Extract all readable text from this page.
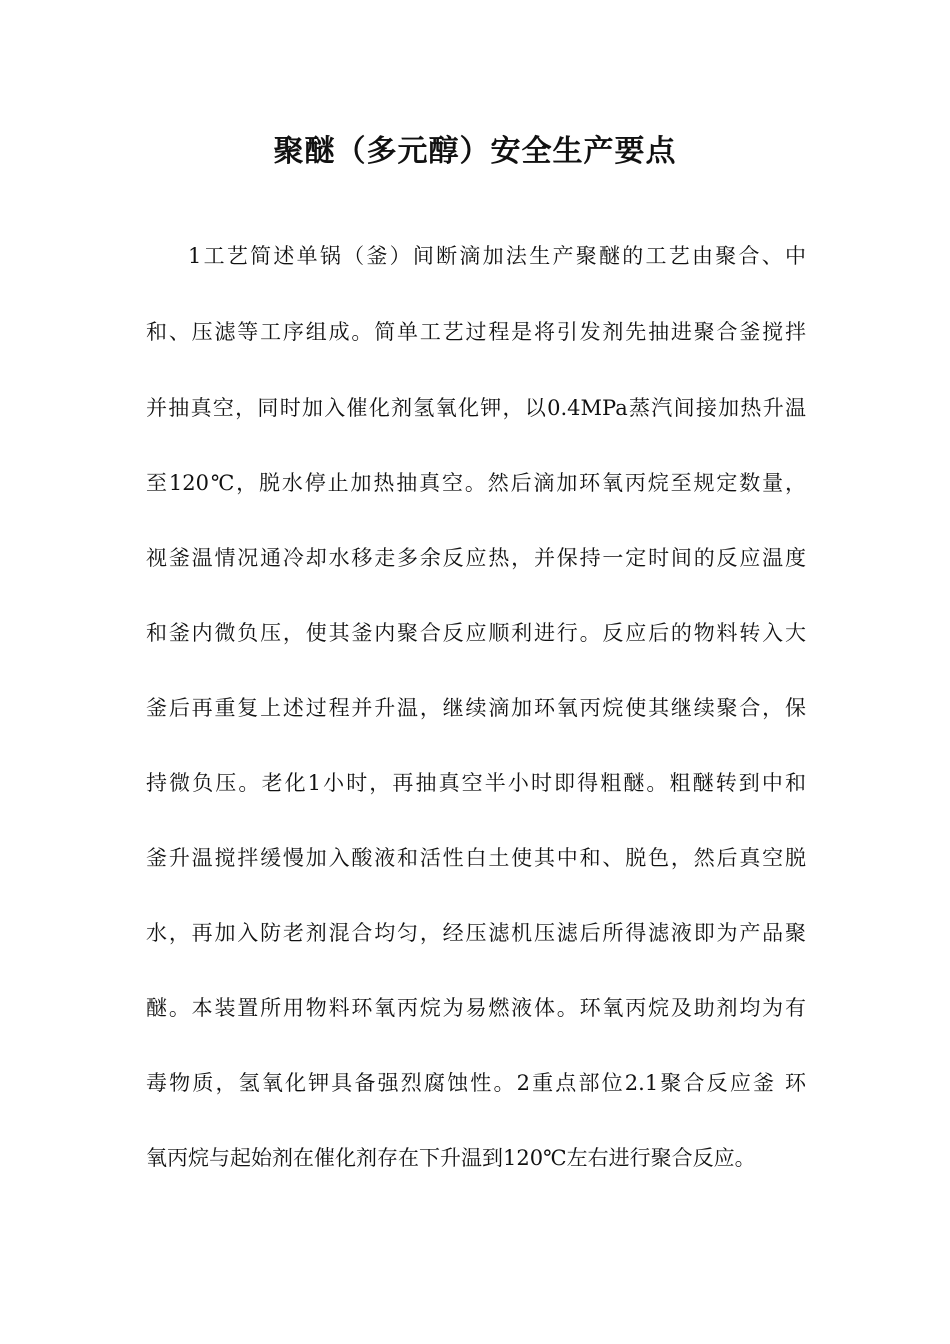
聚醚（多元醇）安全生产要点
1工艺简述单锅（釜）间断滴加法生产聚醚的工艺由聚合、中
和、压滤等工序组成。简单工艺过程是将引发剂先抽进聚合釜搅拌
并抽真空，同时加入催化剂氢氧化钾，以0.4MPa蒸汽间接加热升温
至120℃，脱水停止加热抽真空。然后滴加环氧丙烷至规定数量，
视釜温情况通冷却水移走多余反应热，并保持一定时间的反应温度
和釜内微负压，使其釜内聚合反应顺利进行。反应后的物料转入大
釜后再重复上述过程并升温，继续滴加环氧丙烷使其继续聚合，保
持微负压。老化1小时，再抽真空半小时即得粗醚。粗醚转到中和
釜升温搅拌缓慢加入酸液和活性白土使其中和、脱色，然后真空脱
水，再加入防老剂混合均匀，经压滤机压滤后所得滤液即为产品聚
醚。本装置所用物料环氧丙烷为易燃液体。环氧丙烷及助剂均为有
毒物质，氢氧化钾具备强烈腐蚀性。2重点部位2.1聚合反应釜 环
氧丙烷与起始剂在催化剂存在下升温到120℃左右进行聚合反应。
